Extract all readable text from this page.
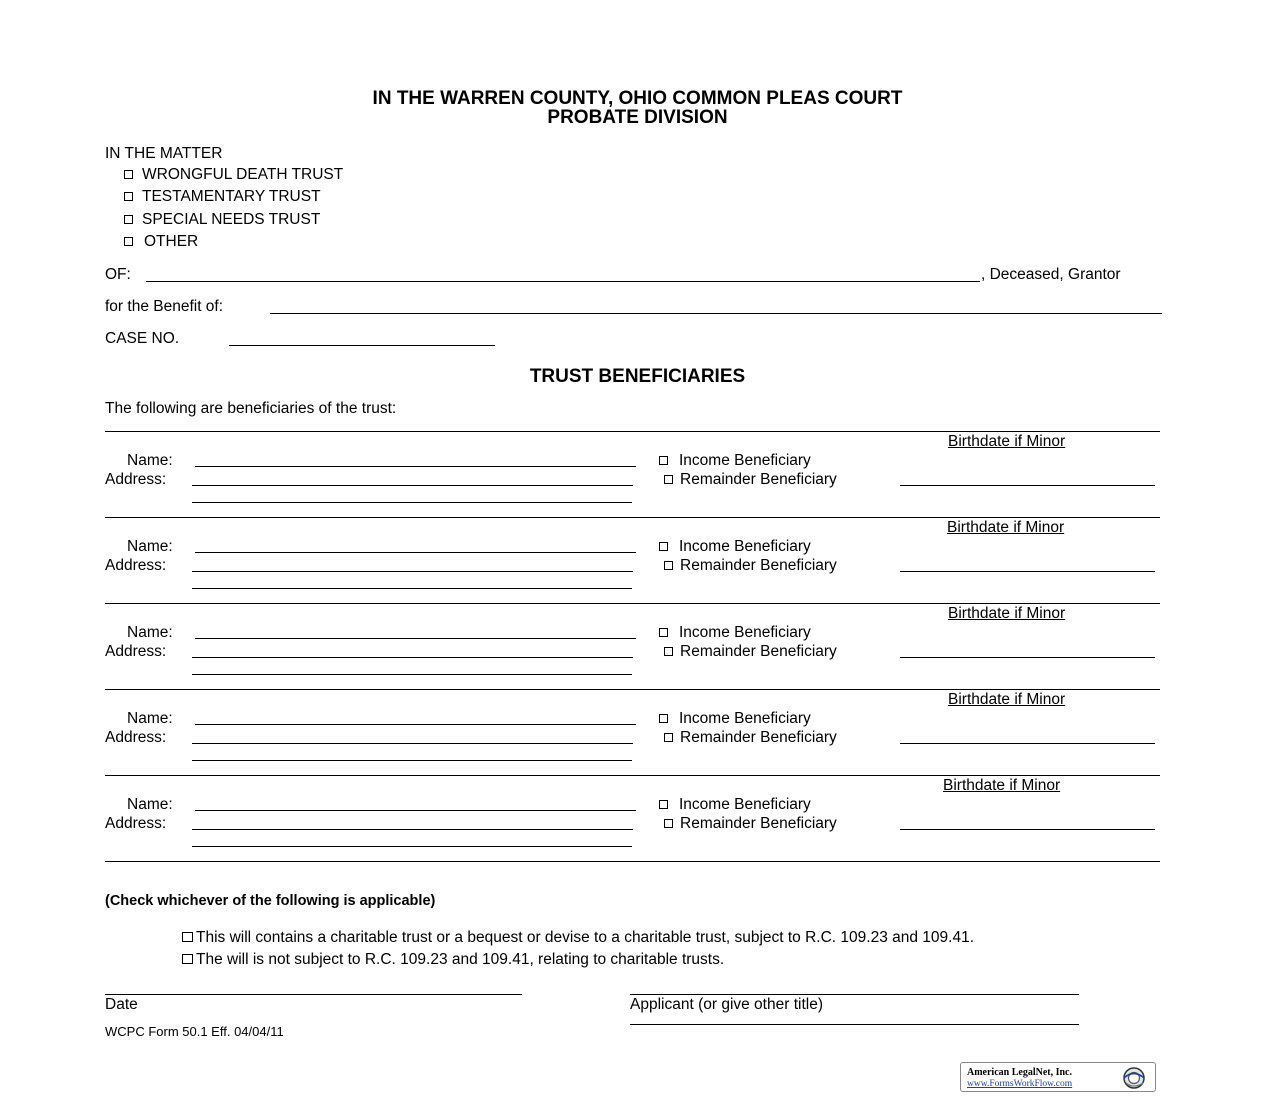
IN THE WARREN COUNTY, OHIO COMMON PLEAS COURT
PROBATE DIVISION
IN THE MATTER
WRONGFUL DEATH TRUST
TESTAMENTARY TRUST
SPECIAL NEEDS TRUST
OTHER
OF:	, Deceased, Grantor
for the Benefit of:
CASE NO.
TRUST BENEFICIARIES
The following are beneficiaries of the trust:
Birthdate if Minor
Name:	Income Beneficiary
Address:	Remainder Beneficiary
Birthdate if Minor
Name:	Income Beneficiary
Address:	Remainder Beneficiary
Birthdate if Minor
Name:	Income Beneficiary
Address:	Remainder Beneficiary
Birthdate if Minor
Name:	Income Beneficiary
Address:	Remainder Beneficiary
Birthdate if Minor
Name:	Income Beneficiary
Address:	Remainder Beneficiary
(Check whichever of the following is applicable)
This will contains a charitable trust or a bequest or devise to a charitable trust, subject to R.C. 109.23 and 109.41.
The will is not subject to R.C. 109.23 and 109.41, relating to charitable trusts.
Date	Applicant (or give other title)
WCPC Form 50.1 Eff. 04/04/11
American LegalNet, Inc.
www.FormsWorkFlow.com
